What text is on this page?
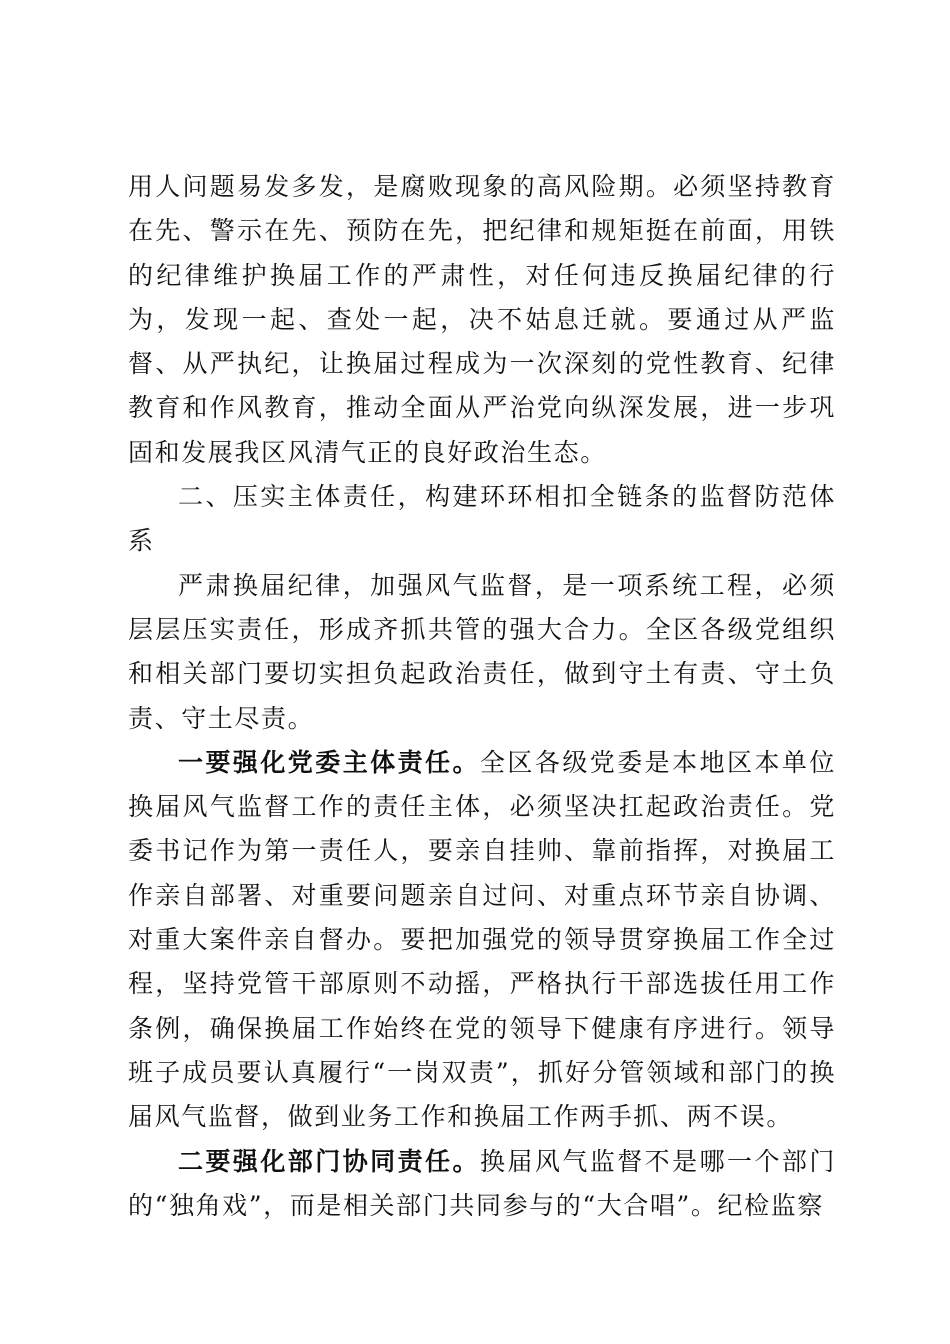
用人问题易发多发，是腐败现象的高风险期。必须坚持教育在先、警示在先、预防在先，把纪律和规矩挺在前面，用铁的纪律维护换届工作的严肃性，对任何违反换届纪律的行为，发现一起、查处一起，决不姑息迁就。要通过从严监督、从严执纪，让换届过程成为一次深刻的党性教育、纪律教育和作风教育，推动全面从严治党向纵深发展，进一步巩固和发展我区风清气正的良好政治生态。

二、压实主体责任，构建环环相扣全链条的监督防范体系

严肃换届纪律，加强风气监督，是一项系统工程，必须层层压实责任，形成齐抓共管的强大合力。全区各级党组织和相关部门要切实担负起政治责任，做到守土有责、守土负责、守土尽责。

一要强化党委主体责任。全区各级党委是本地区本单位换届风气监督工作的责任主体，必须坚决扛起政治责任。党委书记作为第一责任人，要亲自挂帅、靠前指挥，对换届工作亲自部署、对重要问题亲自过问、对重点环节亲自协调、对重大案件亲自督办。要把加强党的领导贯穿换届工作全过程，坚持党管干部原则不动摇，严格执行干部选拔任用工作条例，确保换届工作始终在党的领导下健康有序进行。领导班子成员要认真履行“一岗双责”，抓好分管领域和部门的换届风气监督，做到业务工作和换届工作两手抓、两不误。

二要强化部门协同责任。换届风气监督不是哪一个部门的“独角戏”，而是相关部门共同参与的“大合唱”。纪检监察
